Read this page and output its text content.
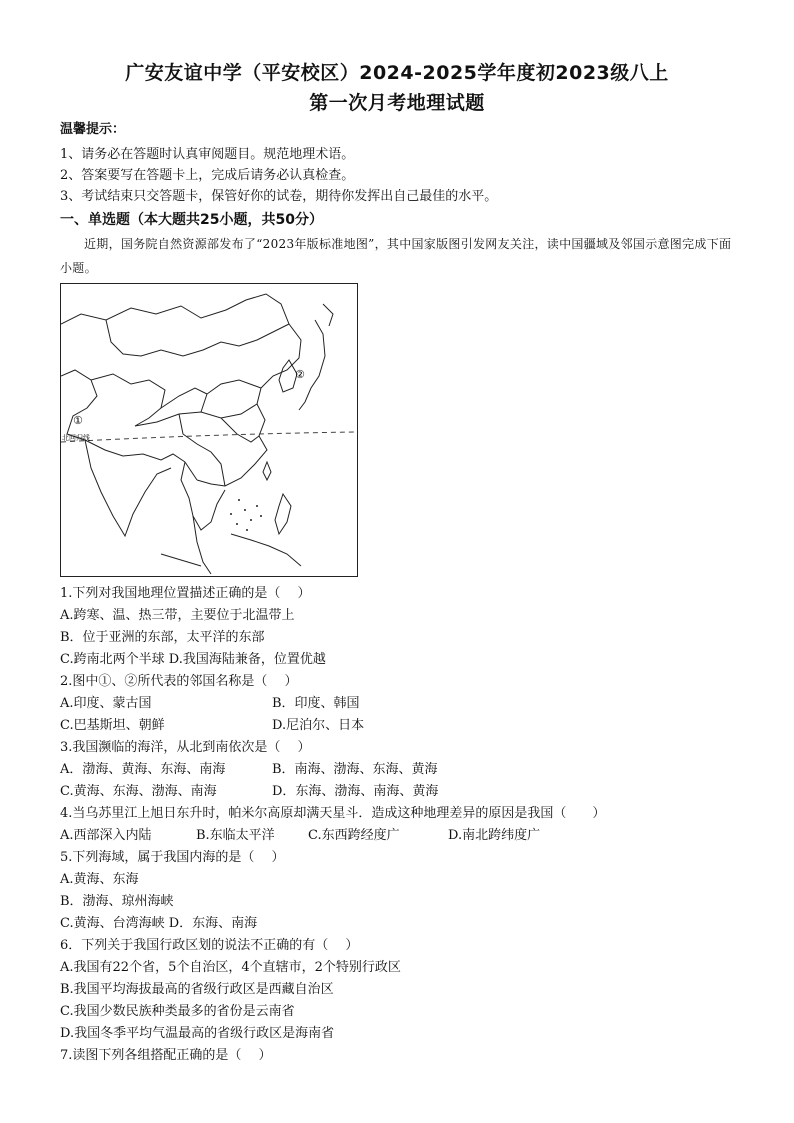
广安友谊中学（平安校区）2024-2025学年度初2023级八上
第一次月考地理试题
温馨提示：
1、请务必在答题时认真审阅题目。规范地理术语。
2、答案要写在答题卡上，完成后请务必认真检查。
3、考试结束只交答题卡，保管好你的试卷，期待你发挥出自己最佳的水平。
一、单选题（本大题共25小题，共50分）
近期，国务院自然资源部发布了“2023年版标准地图”，其中国家版图引发网友关注，读中国疆域及邻国示意图完成下面小题。
①
②
北回归线
1.下列对我国地理位置描述正确的是（　 ）
A.跨寒、温、热三带，主要位于北温带上
B．位于亚洲的东部，太平洋的东部
C.跨南北两个半球 D.我国海陆兼备，位置优越
2.图中①、②所代表的邻国名称是（　 ）
A.印度、蒙古国	B．印度、韩国
C.巴基斯坦、朝鲜	D.尼泊尔、日本
3.我国濒临的海洋，从北到南依次是（　 ）
A．渤海、黄海、东海、南海	B．南海、渤海、东海、黄海
C.黄海、东海、渤海、南海	D．东海、渤海、南海、黄海
4.当乌苏里江上旭日东升时，帕米尔高原却满天星斗．造成这种地理差异的原因是我国（　　）
A.西部深入内陆	B.东临太平洋	C.东西跨经度广	D.南北跨纬度广
5.下列海域，属于我国内海的是（　 ）
A.黄海、东海
B．渤海、琼州海峡
C.黄海、台湾海峡 D．东海、南海
6．下列关于我国行政区划的说法不正确的有（　 ）
A.我国有22个省，5个自治区，4个直辖市，2个特别行政区
B.我国平均海拔最高的省级行政区是西藏自治区
C.我国少数民族种类最多的省份是云南省
D.我国冬季平均气温最高的省级行政区是海南省
7.读图下列各组搭配正确的是（　 ）
